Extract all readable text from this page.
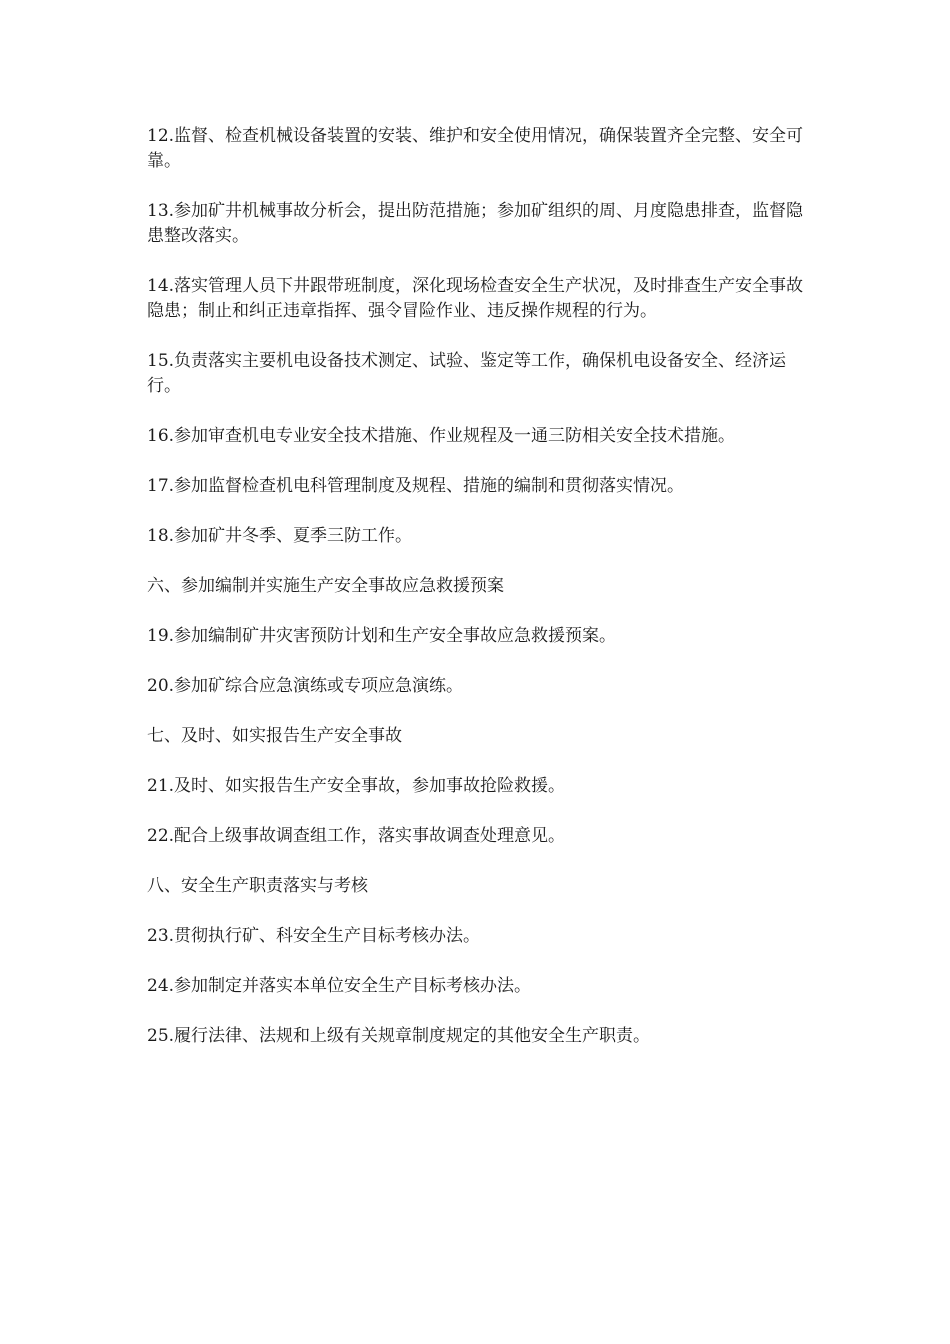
12.监督、检查机械设备装置的安装、维护和安全使用情况，确保装置齐全完整、安全可靠。

13.参加矿井机械事故分析会，提出防范措施；参加矿组织的周、月度隐患排查，监督隐患整改落实。

14.落实管理人员下井跟带班制度，深化现场检查安全生产状况，及时排查生产安全事故隐患；制止和纠正违章指挥、强令冒险作业、违反操作规程的行为。

15.负责落实主要机电设备技术测定、试验、鉴定等工作，确保机电设备安全、经济运行。

16.参加审查机电专业安全技术措施、作业规程及一通三防相关安全技术措施。

17.参加监督检查机电科管理制度及规程、措施的编制和贯彻落实情况。

18.参加矿井冬季、夏季三防工作。

六、参加编制并实施生产安全事故应急救援预案

19.参加编制矿井灾害预防计划和生产安全事故应急救援预案。

20.参加矿综合应急演练或专项应急演练。

七、及时、如实报告生产安全事故

21.及时、如实报告生产安全事故，参加事故抢险救援。

22.配合上级事故调查组工作，落实事故调查处理意见。

八、安全生产职责落实与考核

23.贯彻执行矿、科安全生产目标考核办法。

24.参加制定并落实本单位安全生产目标考核办法。

25.履行法律、法规和上级有关规章制度规定的其他安全生产职责。
